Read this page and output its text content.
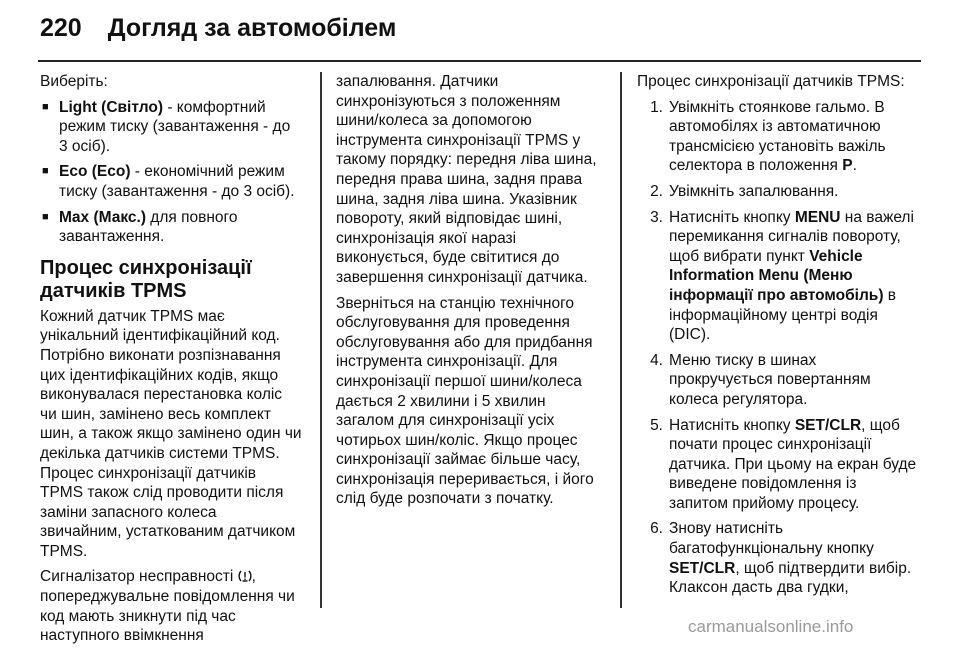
220 Догляд за автомобілем

Виберіть:

■ Light (Світло) - комфортний режим тиску (завантаження - до 3 осіб).
■ Eco (Eco) - економічний режим тиску (завантаження - до 3 осіб).
■ Max (Макс.) для повного завантаження.
Процес синхронізації датчиків TPMS

Кожний датчик TPMS має унікальний ідентифікаційний код. Потрібно виконати розпізнавання цих ідентифікаційних кодів, якщо виконувалася перестановка коліс чи шин, замінено весь комплект шин, а також якщо замінено один чи декілька датчиків системи TPMS. Процес синхронізації датчиків TPMS також слід проводити після заміни запасного колеса звичайним, устаткованим датчиком TPMS.

Сигналізатор несправності , попереджувальне повідомлення чи код мають зникнути під час наступного ввімкнення

запалювання. Датчики синхронізуються з положенням шини/колеса за допомогою інструмента синхронізації TPMS у такому порядку: передня ліва шина, передня права шина, задня права шина, задня ліва шина. Указівник повороту, який відповідає шині, синхронізація якої наразі виконується, буде світитися до завершення синхронізації датчика.

Зверніться на станцію технічного обслуговування для проведення обслуговування або для придбання інструмента синхронізації. Для синхронізації першої шини/колеса дається 2 хвилини і 5 хвилин загалом для синхронізації усіх чотирьох шин/коліс. Якщо процес синхронізації займає більше часу, синхронізація переривається, і його слід буде розпочати з початку.

Процес синхронізації датчиків TPMS:

1. Увімкніть стоянкове гальмо. В автомобілях із автоматичною трансмісією установіть важіль селектора в положення P.
2. Увімкніть запалювання.
3. Натисніть кнопку MENU на важелі перемикання сигналів повороту, щоб вибрати пункт Vehicle Information Menu (Меню інформації про автомобіль) в інформаційному центрі водія (DIC).
4. Меню тиску в шинах прокручується повертанням колеса регулятора.
5. Натисніть кнопку SET/CLR, щоб почати процес синхронізації датчика. При цьому на екран буде виведене повідомлення із запитом прийому процесу.
6. Знову натисніть багатофункціональну кнопку SET/CLR, щоб підтвердити вибір. Клаксон дасть два гудки,
carmanualsonline.info
